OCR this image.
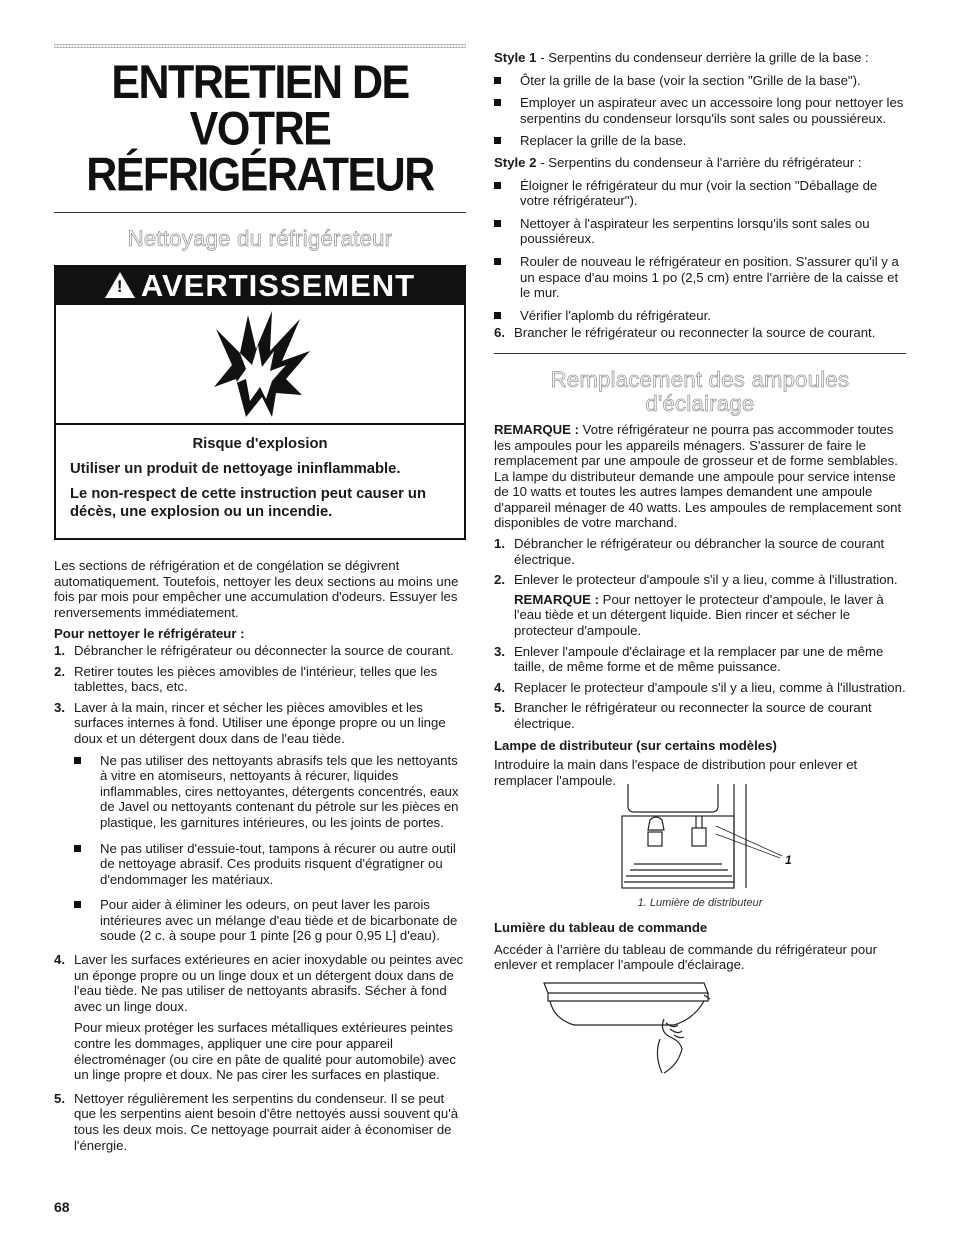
ENTRETIEN DE VOTRE
RÉFRIGÉRATEUR
Nettoyage du réfrigérateur
!AVERTISSEMENT

Risque d'explosion

Utiliser un produit de nettoyage ininflammable.

Le non-respect de cette instruction peut causer un décès, une explosion ou un incendie.

Les sections de réfrigération et de congélation se dégivrent automatiquement. Toutefois, nettoyer les deux sections au moins une fois par mois pour empêcher une accumulation d'odeurs. Essuyer les renversements immédiatement.

Pour nettoyer le réfrigérateur :
1. Débrancher le réfrigérateur ou déconnecter la source de courant.
2. Retirer toutes les pièces amovibles de l'intérieur, telles que les tablettes, bacs, etc.
3. Laver à la main, rincer et sécher les pièces amovibles et les surfaces internes à fond. Utiliser une éponge propre ou un linge doux et un détergent doux dans de l'eau tiède.
Ne pas utiliser des nettoyants abrasifs tels que les nettoyants à vitre en atomiseurs, nettoyants à récurer, liquides inflammables, cires nettoyantes, détergents concentrés, eaux de Javel ou nettoyants contenant du pétrole sur les pièces en plastique, les garnitures intérieures, ou les joints de portes.
Ne pas utiliser d'essuie-tout, tampons à récurer ou autre outil de nettoyage abrasif. Ces produits risquent d'égratigner ou d'endommager les matériaux.
Pour aider à éliminer les odeurs, on peut laver les parois intérieures avec un mélange d'eau tiède et de bicarbonate de soude (2 c. à soupe pour 1 pinte [26 g pour 0,95 L] d'eau).
4. Laver les surfaces extérieures en acier inoxydable ou peintes avec un éponge propre ou un linge doux et un détergent doux dans de l'eau tiède. Ne pas utiliser de nettoyants abrasifs. Sécher à fond avec un linge doux.

Pour mieux protéger les surfaces métalliques extérieures peintes contre les dommages, appliquer une cire pour appareil électroménager (ou cire en pâte de qualité pour automobile) avec un linge propre et doux. Ne pas cirer les surfaces en plastique.

5. Nettoyer régulièrement les serpentins du condenseur. Il se peut que les serpentins aient besoin d'être nettoyés aussi souvent qu'à tous les deux mois. Ce nettoyage pourrait aider à économiser de l'énergie.

Style 1 - Serpentins du condenseur derrière la grille de la base :

Ôter la grille de la base (voir la section "Grille de la base").
Employer un aspirateur avec un accessoire long pour nettoyer les serpentins du condenseur lorsqu'ils sont sales ou poussiéreux.
Replacer la grille de la base.

Style 2 - Serpentins du condenseur à l'arrière du réfrigérateur :

Éloigner le réfrigérateur du mur (voir la section "Déballage de votre réfrigérateur").
Nettoyer à l'aspirateur les serpentins lorsqu'ils sont sales ou poussiéreux.
Rouler de nouveau le réfrigérateur en position. S'assurer qu'il y a un espace d'au moins 1 po (2,5 cm) entre l'arrière de la caisse et le mur.
Vérifier l'aplomb du réfrigérateur.
6. Brancher le réfrigérateur ou reconnecter la source de courant.
Remplacement des ampoules
d'éclairage

REMARQUE : Votre réfrigérateur ne pourra pas accommoder toutes les ampoules pour les appareils ménagers. S'assurer de faire le remplacement par une ampoule de grosseur et de forme semblables. La lampe du distributeur demande une ampoule pour service intense de 10 watts et toutes les autres lampes demandent une ampoule d'appareil ménager de 40 watts. Les ampoules de remplacement sont disponibles de votre marchand.

1. Débrancher le réfrigérateur ou débrancher la source de courant électrique.
2. Enlever le protecteur d'ampoule s'il y a lieu, comme à l'illustration.

REMARQUE : Pour nettoyer le protecteur d'ampoule, le laver à l'eau tiède et un détergent liquide. Bien rincer et sécher le protecteur d'ampoule.

3. Enlever l'ampoule d'éclairage et la remplacer par une de même taille, de même forme et de même puissance.
4. Replacer le protecteur d'ampoule s'il y a lieu, comme à l'illustration.
5. Brancher le réfrigérateur ou reconnecter la source de courant électrique.
Lampe de distributeur (sur certains modèles)

Introduire la main dans l'espace de distribution pour enlever et remplacer l'ampoule.

1
1. Lumière de distributeur
Lumière du tableau de commande

Accéder à l'arrière du tableau de commande du réfrigérateur pour enlever et remplacer l'ampoule d'éclairage.

68
